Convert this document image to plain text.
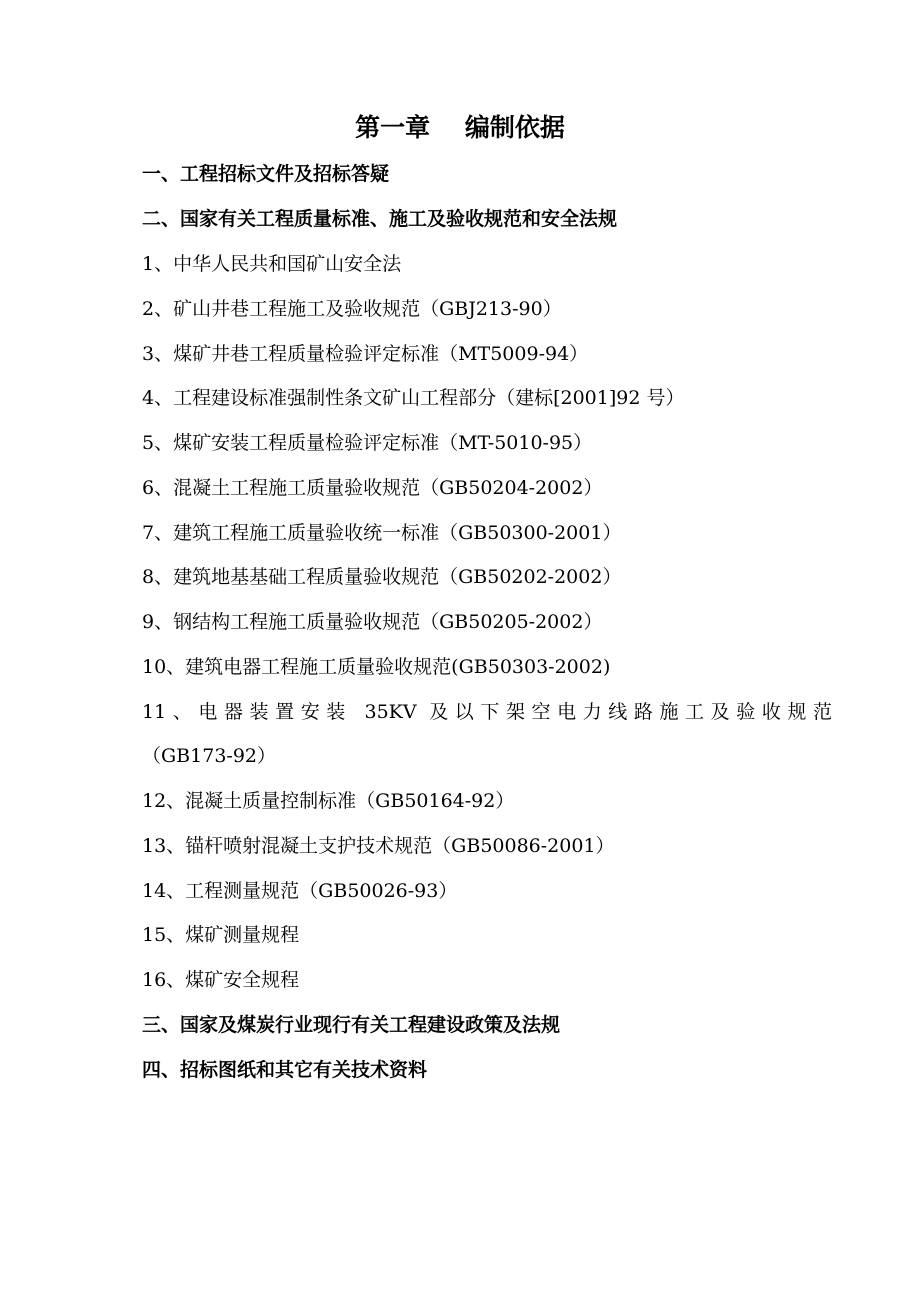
第一章    编制依据
一、工程招标文件及招标答疑
二、国家有关工程质量标准、施工及验收规范和安全法规
1、中华人民共和国矿山安全法
2、矿山井巷工程施工及验收规范（GBJ213-90）
3、煤矿井巷工程质量检验评定标准（MT5009-94）
4、工程建设标准强制性条文矿山工程部分（建标[2001]92 号）
5、煤矿安装工程质量检验评定标准（MT-5010-95）
6、混凝土工程施工质量验收规范（GB50204-2002）
7、建筑工程施工质量验收统一标准（GB50300-2001）
8、建筑地基基础工程质量验收规范（GB50202-2002）
9、钢结构工程施工质量验收规范（GB50205-2002）
10、建筑电器工程施工质量验收规范(GB50303-2002)
11、电器装置安装 35KV 及以下架空电力线路施工及验收规范
（GB173-92）
12、混凝土质量控制标准（GB50164-92）
13、锚杆喷射混凝土支护技术规范（GB50086-2001）
14、工程测量规范（GB50026-93）
15、煤矿测量规程
16、煤矿安全规程
三、国家及煤炭行业现行有关工程建设政策及法规
四、招标图纸和其它有关技术资料
